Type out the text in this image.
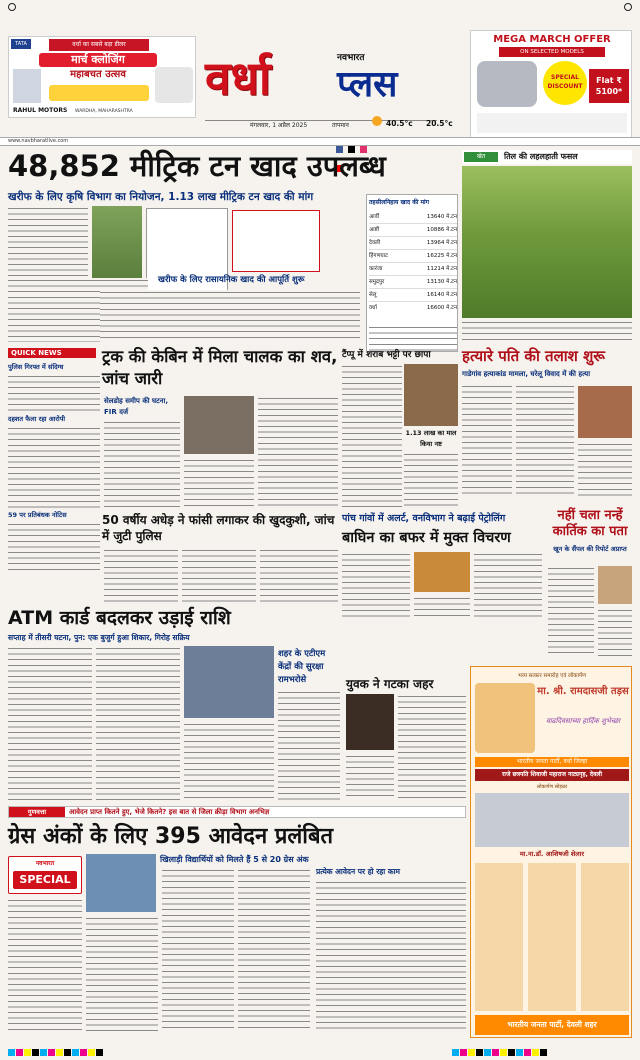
TATA	वर्धा का सबसे बड़ा डीलर
मार्च क्लोजिंग
महाबचत उत्सव
RAHUL MOTORS	WARDHA, MAHARASHTRA
वर्धा	नवभारत
प्लस
मंगलवार, 1 अप्रैल 2025	तापमान	40.5°c	20.5°c
MEGA MARCH OFFER
ON SELECTED MODELS
SPECIAL DISCOUNT
Flat ₹ 5100*
www.navbharatlive.com

48,852 मीट्रिक टन खाद उपलब्ध
खरीफ के लिए कृषि विभाग का नियोजन, 1.13 लाख मीट्रिक टन खाद की मांग
खरीफ के लिए रासायनिक खाद की आपूर्ति शुरू
तहसीलनिहाय खाद की मांग
आर्वी	13640 मे.टन
आष्टी	10886 मे.टन
देवली	13964 मे.टन
हिंगणघाट	16225 मे.टन
कारंजा	11214 मे.टन
समुद्रपुर	13130 मे.टन
सेलू	16140 मे.टन
वर्धा	16600 मे.टन
खेत	तिल की लहलहाती फसल
QUICK NEWS
पुलिस गिरफ्त में संदिग्ध
दहशत फैला रहा आरोपी
59 पर प्रतिबंधक नोटिस
ट्रक की केबिन में मिला चालक का शव, जांच जारी
सेलडोह समीप की घटना, FIR दर्ज
टैंप्पू में शराब भट्टी पर छापा
1.13 लाख का माल किया नष्ट
हत्यारे पति की तलाश शुरू
गाडेगांव हत्याकांड मामला, घरेलू विवाद में की हत्या
50 वर्षीय अधेड़ ने फांसी लगाकर की खुदकुशी, जांच में जुटी पुलिस
पांच गांवों में अलर्ट, वनविभाग ने बढ़ाई पेट्रोलिंग
बाघिन का बफर में मुक्त विचरण
नहीं चला नन्हें कार्तिक का पता
खून के सैंपल की रिपोर्ट अप्राप्त
ATM कार्ड बदलकर उड़ाई राशि
सप्ताह में तीसरी घटना, पुन: एक बुजुर्ग हुआ शिकार, गिरोह सक्रिय
शहर के एटीएम केंद्रों की सुरक्षा रामभरोसे	युवक ने गटका जहर
भव्य सत्कार समारोह एवं लोकार्पण
मा. श्री. रामदासजी तड़स
वाढदिवसाच्या हार्दिक शुभेच्छा
भारतीय जनता पार्टी, वर्धा जिल्हा
राजे छत्रपति शिवाजी महाराज नाट्यगृह, देवली
लोकार्पण सोहळा
मा.ना.डॉ. आशिषजी शेलार
भारतीय जनता पार्टी, देवली शहर
गुणवत्ता	आवेदन प्राप्त कितने हुए, भेजे कितने? इस बात से जिला क्रीड़ा विभाग अनभिज्ञ
ग्रेस अंकों के लिए 395 आवेदन प्रलंबित
खिलाड़ी विद्यार्थियों को मिलते हैं 5 से 20 ग्रेस अंक
नवभारत
SPECIAL
प्रत्येक आवेदन पर हो रहा काम
